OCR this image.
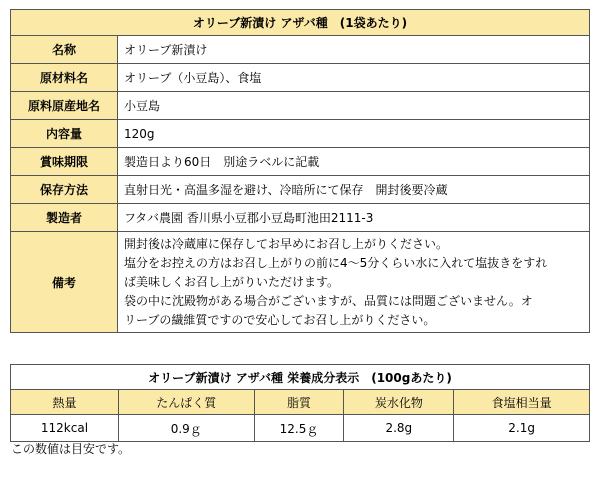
オリーブ新漬け アザバ種　(1袋あたり)	
名称	オリーブ新漬け
原材料名	オリーブ（小豆島）、食塩
原料原産地名	小豆島
内容量	120g
賞味期限	製造日より60日　別途ラベルに記載
保存方法	直射日光・高温多湿を避け、冷暗所にて保存　開封後要冷蔵
製造者	フタバ農園 香川県小豆郡小豆島町池田2111-3
備考	開封後は冷蔵庫に保存してお早めにお召し上がりください。
塩分をお控えの方はお召し上がりの前に4～5分くらい水に入れて塩抜きをすれ
ば美味しくお召し上がりいただけます。
袋の中に沈殿物がある場合がございますが、品質には問題ございません。オ
リーブの繊維質ですので安心してお召し上がりください。
オリーブ新漬け アザバ種 栄養成分表示　(100gあたり)				
熱量	たんぱく質	脂質	炭水化物	食塩相当量
112kcal	0.9ｇ	12.5ｇ	2.8g	2.1g
この数値は目安です。
